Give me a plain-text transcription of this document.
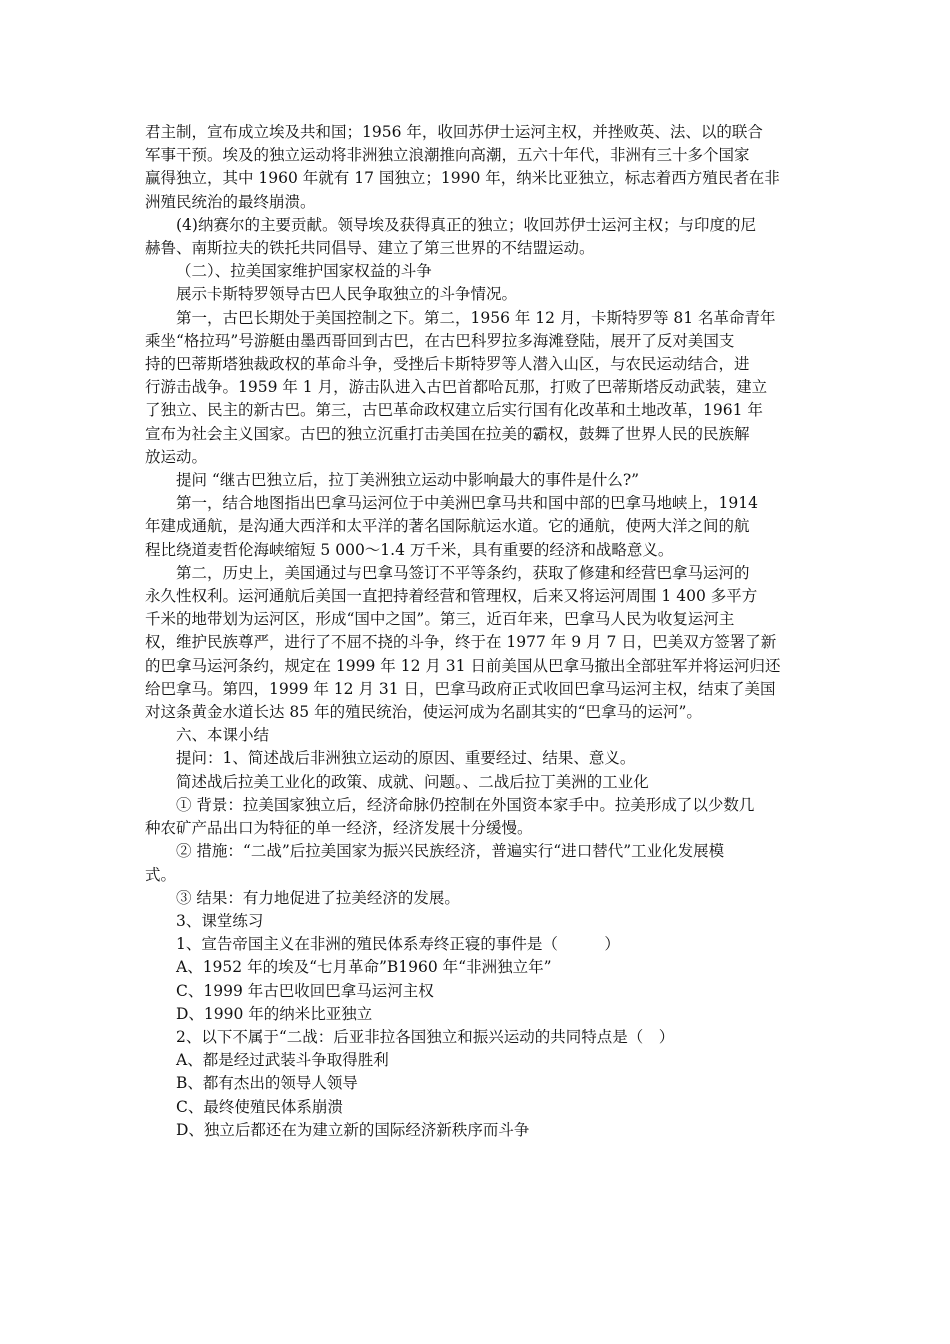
君主制，宣布成立埃及共和国；1956 年，收回苏伊士运河主权，并挫败英、法、以的联合
军事干预。埃及的独立运动将非洲独立浪潮推向高潮，五六十年代，非洲有三十多个国家
赢得独立，其中 1960 年就有 17 国独立；1990 年，纳米比亚独立，标志着西方殖民者在非
洲殖民统治的最终崩溃。

(4)纳赛尔的主要贡献。领导埃及获得真正的独立；收回苏伊士运河主权；与印度的尼
赫鲁、南斯拉夫的铁托共同倡导、建立了第三世界的不结盟运动。

（二）、拉美国家维护国家权益的斗争

展示卡斯特罗领导古巴人民争取独立的斗争情况。

第一，古巴长期处于美国控制之下。第二，1956 年 12 月，卡斯特罗等 81 名革命青年
乘坐“格拉玛”号游艇由墨西哥回到古巴，在古巴科罗拉多海滩登陆，展开了反对美国支
持的巴蒂斯塔独裁政权的革命斗争，受挫后卡斯特罗等人潜入山区，与农民运动结合，进
行游击战争。1959 年 1 月，游击队进入古巴首都哈瓦那，打败了巴蒂斯塔反动武装，建立
了独立、民主的新古巴。第三，古巴革命政权建立后实行国有化改革和土地改革，1961 年
宣布为社会主义国家。古巴的独立沉重打击美国在拉美的霸权，鼓舞了世界人民的民族解
放运动。

提问 “继古巴独立后，拉丁美洲独立运动中影响最大的事件是什么?”

第一，结合地图指出巴拿马运河位于中美洲巴拿马共和国中部的巴拿马地峡上，1914
年建成通航，是沟通大西洋和太平洋的著名国际航运水道。它的通航，使两大洋之间的航
程比绕道麦哲伦海峡缩短 5 000～1.4 万千米，具有重要的经济和战略意义。

第二，历史上，美国通过与巴拿马签订不平等条约，获取了修建和经营巴拿马运河的
永久性权利。运河通航后美国一直把持着经营和管理权，后来又将运河周围 1 400 多平方
千米的地带划为运河区，形成“国中之国”。第三，近百年来，巴拿马人民为收复运河主
权，维护民族尊严，进行了不屈不挠的斗争，终于在 1977 年 9 月 7 日，巴美双方签署了新
的巴拿马运河条约，规定在 1999 年 12 月 31 日前美国从巴拿马撤出全部驻军并将运河归还
给巴拿马。第四，1999 年 12 月 31 日，巴拿马政府正式收回巴拿马运河主权，结束了美国
对这条黄金水道长达 85 年的殖民统治，使运河成为名副其实的“巴拿马的运河”。

六、本课小结

提问：1、简述战后非洲独立运动的原因、重要经过、结果、意义。

简述战后拉美工业化的政策、成就、问题。、二战后拉丁美洲的工业化

① 背景：拉美国家独立后，经济命脉仍控制在外国资本家手中。拉美形成了以少数几
种农矿产品出口为特征的单一经济，经济发展十分缓慢。

② 措施：“二战”后拉美国家为振兴民族经济，普遍实行“进口替代”工业化发展模
式。

③ 结果：有力地促进了拉美经济的发展。

3、课堂练习

1、宣告帝国主义在非洲的殖民体系寿终正寝的事件是（　　　）

A、1952 年的埃及“七月革命”B1960 年“非洲独立年”

C、1999 年古巴收回巴拿马运河主权

D、1990 年的纳米比亚独立

2、以下不属于“二战：后亚非拉各国独立和振兴运动的共同特点是（　）

A、都是经过武装斗争取得胜利

B、都有杰出的领导人领导

C、最终使殖民体系崩溃

D、独立后都还在为建立新的国际经济新秩序而斗争
